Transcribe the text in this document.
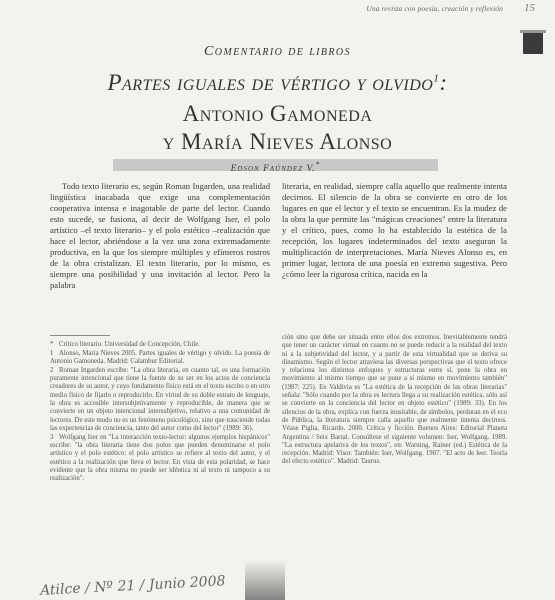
Una revista con poesía, creación y reflexión 15
Comentario de libros
Partes iguales de vértigo y olvido$^1$:
Antonio Gamoneda
y María Nieves Alonso
Edson Faúndez V.*

Todo texto literario es, según Roman Ingarden, una realidad lingüística inacabada que exige una complementación cooperativa intensa e inagotable de parte del lector. Cuando esto sucede, se fusiona, al decir de Wolfgang Iser, el polo artístico –el texto literario– y el polo estético –realización que hace el lector, abriéndose a la vez una zona extremadamente productiva, en la que los siempre múltiples y efímeros rostros de la obra cristalizan. El texto literario, por lo mismo, es siempre una posibilidad y una invitación al lector. Pero la palabra

literaria, en realidad, siempre calla aquello que realmente intenta decirnos. El silencio de la obra se convierte en otro de los lugares en que el lector y el texto se encuentran. Es la mudez de la obra la que permite las "mágicas creaciones" entre la literatura y el crítico, pues, como lo ha establecido la estética de la recepción, los lugares indeterminados del texto aseguran la multiplicación de interpretaciones. María Nieves Alonso es, en primer lugar, lectora de una poesía en extremo sugestiva. Pero ¿cómo leer la rigurosa crítica, nacida en la

* Crítico literario. Universidad de Concepción, Chile.
1 Alonso, María Nieves 2005. Partes iguales de vértigo y olvido. La poesía de Antonio Gamoneda. Madrid: Calambur Editorial.
2 Roman Ingarden escribe: "La obra literaria, en cuanto tal, es una formación puramente intencional que tiene la fuente de su ser en los actos de conciencia creadores de su autor, y cuyo fundamento físico está en el texto escrito o en otro medio físico de fijarlo o reproducirlo. En virtud de su doble estrato de lenguaje, la obra es accesible intersubjetivamente y reproducible, de manera que se convierte en un objeto intencional intersubjetivo, relativo a una comunidad de lectores. De este modo no es un fenómeno psicológico, sino que trasciende todas las experiencias de conciencia, tanto del autor como del lector" (1989: 36).
3 Wolfgang Iser en "La interacción texto-lector: algunos ejemplos hispánicos" escribe: "la obra literaria tiene dos polos que pueden denominarse el polo artístico y el polo estético: el polo artístico se refiere al texto del autor, y el estético a la realización que lleva el lector. En vista de esta polaridad, se hace evidente que la obra misma no puede ser idéntica ni al texto ni tampoco a su realización".

ción sino que debe ser situada entre ellos dos extremos. Inevitablemente tendrá que tener un carácter virtual en cuanto no se puede reducir a la realidad del texto ni a la subjetividad del lector, y a partir de esta virtualidad que se deriva su dinamismo. Según el lector atraviesa las diversas perspectivas que el texto ofrece y relaciona los distintos enfoques y estructuras entre sí, pone la obra en movimiento al mismo tiempo que se pone a sí mismo en movimiento también" (1987: 225). En Valdivia es "La estética de la recepción de las obras literarias" señala: "Sólo cuando por la obra es lectura llega a su realización estética, sólo así se convierte en la conciencia del lector en objeto estético" (1989: 33). En los silencios de la obra, explica con fuerza inusitable, de símbolos, perduran en el eco de Pública, la literatura siempre calla aquello que realmente intenta decirnos. Véase Piglia, Ricardo. 2000. Crítica y ficción. Buenos Aires: Editorial Planeta Argentina / Seix Barral. Consúltese el siguiente volumen: Iser, Wolfgang. 1989. "La estructura apelativa de los textos", en: Warning, Rainer (ed.) Estética de la recepción. Madrid: Visor. También: Iser, Wolfgang. 1987. "El acto de leer. Teoría del efecto estético". Madrid: Taurus.

Atilce / Nº 21 / Junio 2008
